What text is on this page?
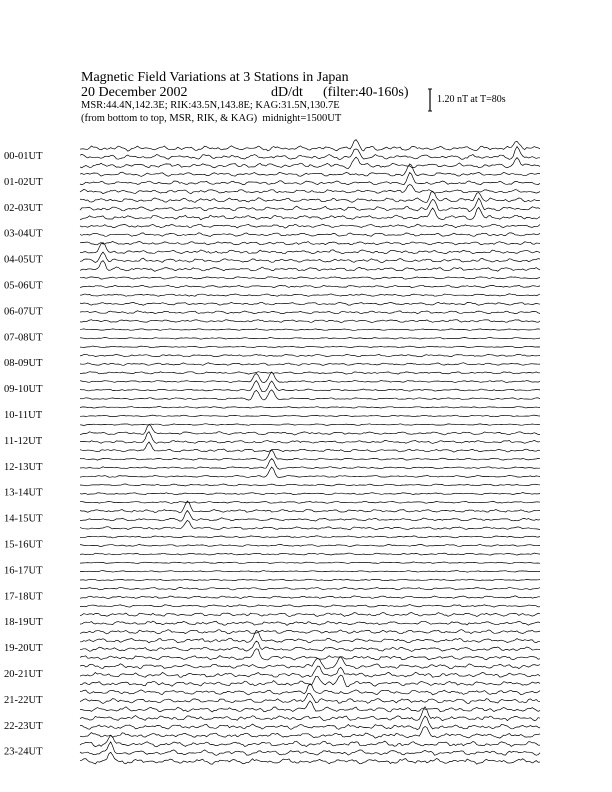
Magnetic Field Variations at 3 Stations in Japan
20 December 2002	dD/dt (filter:40-160s)
MSR:44.4N,142.3E; RIK:43.5N,143.8E; KAG:31.5N,130.7E
(from bottom to top, MSR, RIK, & KAG) midnight=1500UT
1.20 nT at T=80s
00-01UT
01-02UT
02-03UT
03-04UT
04-05UT
05-06UT
06-07UT
07-08UT
08-09UT
09-10UT
10-11UT
11-12UT
12-13UT
13-14UT
14-15UT
15-16UT
16-17UT
17-18UT
18-19UT
19-20UT
20-21UT
21-22UT
22-23UT
23-24UT
